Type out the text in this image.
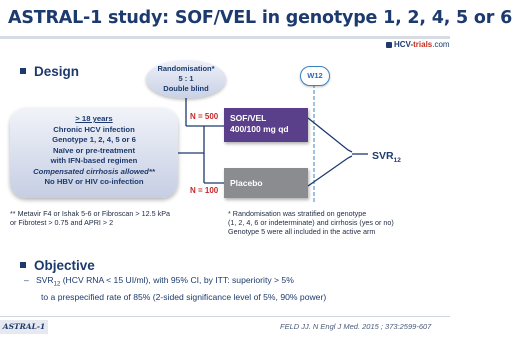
ASTRAL-1 study: SOF/VEL in genotype 1, 2, 4, 5 or 6
HCV-trials.com
Design	Randomisation*
5 : 1
Double blind
> 18 years
Chronic HCV infection
Genotype 1, 2, 4, 5 or 6
Naïve or pre-treatment
with IFN-based regimen
Compensated cirrhosis allowed**
No HBV or HIV co-infection
N = 500
N = 100
SOF/VEL
400/100 mg qd
Placebo
W12
$SVR_{12}$
** Metavir F4 or Ishak 5-6 or Fibroscan > 12.5 kPa
or Fibrotest > 0.75 and APRI > 2
* Randomisation was stratified on genotype
(1, 2, 4, 6 or indeterminate) and cirrhosis (yes or no)
Genotype 5 were all included in the active arm
Objective
– $SVR_{12}$ (HCV RNA < 15 UI/ml), with 95% CI, by ITT: superiority > 5%
to a prespecified rate of 85% (2-sided significance level of 5%, 90% power)
ASTRAL-1	FELD JJ. N Engl J Med. 2015 ; 373:2599-607
